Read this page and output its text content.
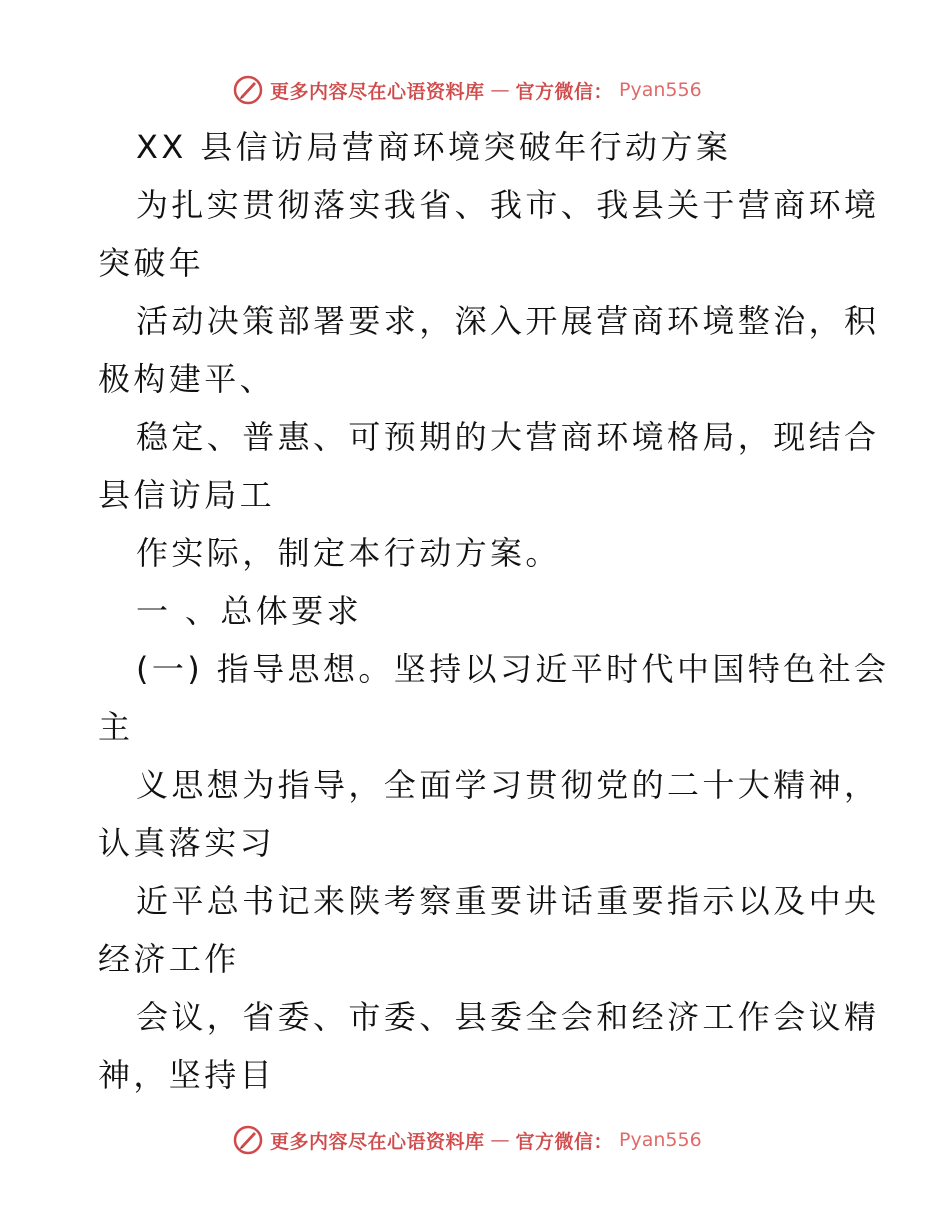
更多内容尽在心语资料库 — 官方微信： Pyan556
XX 县信访局营商环境突破年行动方案
为扎实贯彻落实我省、我市、我县关于营商环境
突破年
活动决策部署要求，深入开展营商环境整治，积
极构建平、
稳定、普惠、可预期的大营商环境格局，现结合
县信访局工
作实际，制定本行动方案。
一 、总体要求
(一) 指导思想。坚持以习近平时代中国特色社会
主
义思想为指导，全面学习贯彻党的二十大精神，
认真落实习
近平总书记来陕考察重要讲话重要指示以及中央
经济工作
会议，省委、市委、县委全会和经济工作会议精
神，坚持目
更多内容尽在心语资料库 — 官方微信： Pyan556
